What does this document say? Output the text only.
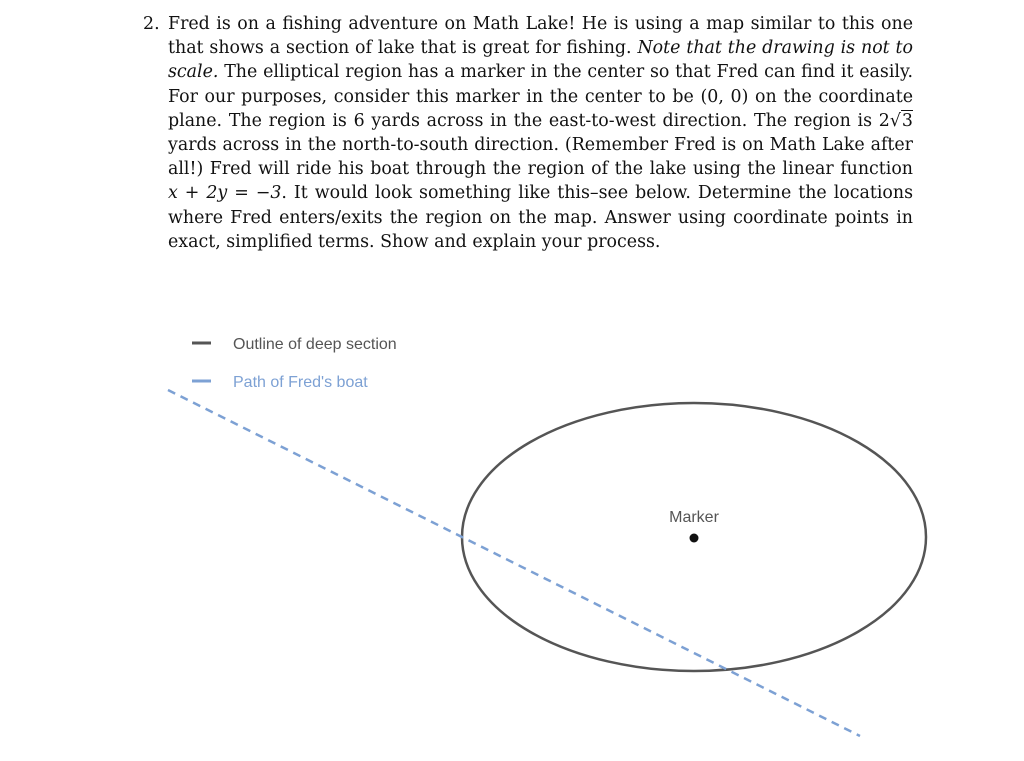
2. Fred is on a fishing adventure on Math Lake! He is using a map similar to this one that shows a section of lake that is great for fishing. Note that the drawing is not to scale. The elliptical region has a marker in the center so that Fred can find it easily. For our purposes, consider this marker in the center to be (0, 0) on the coordinate plane. The region is 6 yards across in the east-to-west direction. The region is 2√3 yards across in the north-to-south direction. (Remember Fred is on Math Lake after all!) Fred will ride his boat through the region of the lake using the linear function x + 2y = −3. It would look something like this–see below. Determine the locations where Fred enters/exits the region on the map. Answer using coordinate points in exact, simplified terms. Show and explain your process.

Outline of deep section
Path of Fred's boat
Marker
